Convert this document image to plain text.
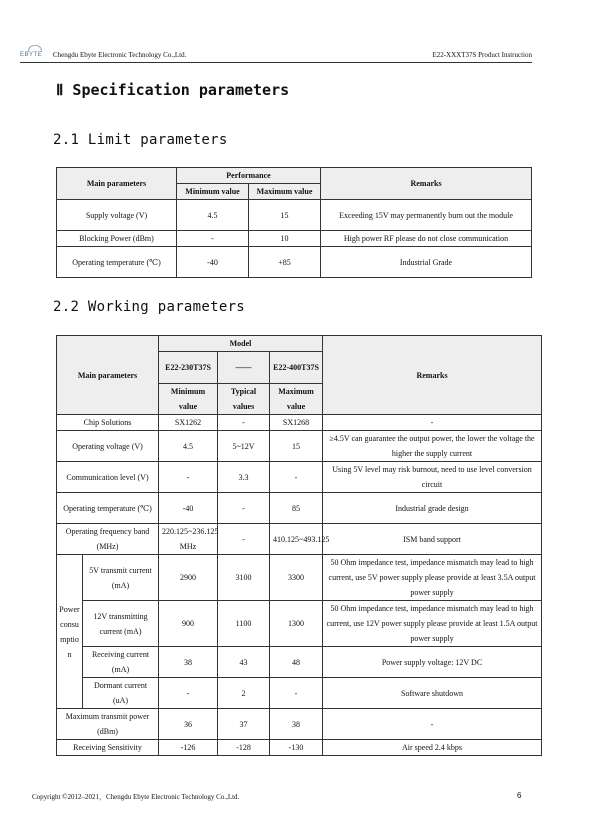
EBYTE Chengdu Ebyte Electronic Technology Co.,Ltd.	E22-XXXT37S Product Instruction
Ⅱ Specification parameters
2.1 Limit parameters
Main parameters	Performance		Remarks
	Minimum value	Maximum value	
Supply voltage (V)	4.5	15	Exceeding 15V may permanently burn out the module
Blocking Power (dBm)	-	10	High power RF please do not close communication
Operating temperature (℃)	-40	+85	Industrial Grade
2.2 Working parameters
Main parameters		Model			Remarks
		E22-230T37S	——	E22-400T37S	
		Minimum value	Typical values	Maximum value	
Chip Solutions		SX1262	-	SX1268	-
Operating voltage (V)		4.5	5~12V	15	≥4.5V can guarantee the output power, the lower the voltage the higher the supply current
Communication level (V)		-	3.3	-	Using 5V level may risk burnout, need to use level conversion circuit
Operating temperature (℃)		-40	-	85	Industrial grade design
Operating frequency band (MHz)		220.125~236.125 MHz	-	410.125~493.125	ISM band support
Power consumption	5V transmit current (mA)	2900	3100	3300	50 Ohm impedance test, impedance mismatch may lead to high current, use 5V power supply please provide at least 3.5A output power supply
	12V transmitting current (mA)	900	1100	1300	50 Ohm impedance test, impedance mismatch may lead to high current, use 12V power supply please provide at least 1.5A output power supply
	Receiving current (mA)	38	43	48	Power supply voltage: 12V DC
	Dormant current (uA)	-	2	-	Software shutdown
Maximum transmit power (dBm)		36	37	38	-
Receiving Sensitivity		-126	-128	-130	Air speed 2.4 kbps
Copyright ©2012–2021，Chengdu Ebyte Electronic Technology Co.,Ltd.	6
